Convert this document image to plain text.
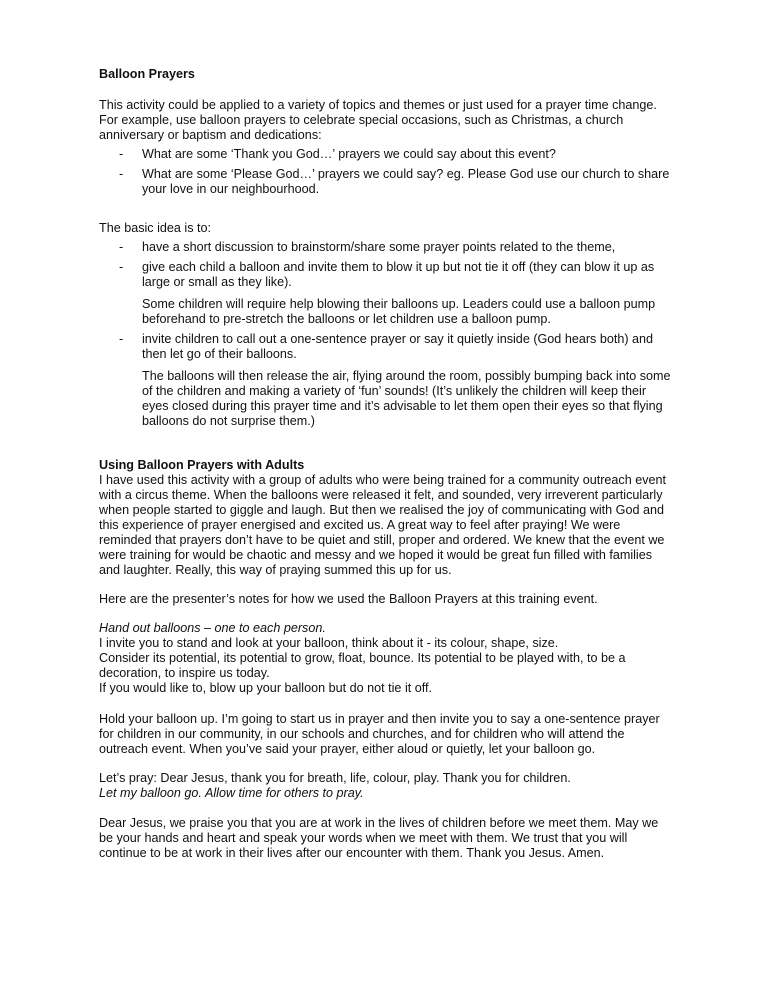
Balloon Prayers

This activity could be applied to a variety of topics and themes or just used for a prayer time change. For example, use balloon prayers to celebrate special occasions, such as Christmas, a church anniversary or baptism and dedications:

- What are some ‘Thank you God…’ prayers we could say about this event?
- What are some ‘Please God…’ prayers we could say? eg. Please God use our church to share your love in our neighbourhood.

The basic idea is to:

- have a short discussion to brainstorm/share some prayer points related to the theme,
- give each child a balloon and invite them to blow it up but not tie it off (they can blow it up as large or small as they like).

Some children will require help blowing their balloons up. Leaders could use a balloon pump beforehand to pre-stretch the balloons or let children use a balloon pump.

- invite children to call out a one-sentence prayer or say it quietly inside (God hears both) and then let go of their balloons.

The balloons will then release the air, flying around the room, possibly bumping back into some of the children and making a variety of ‘fun’ sounds! (It’s unlikely the children will keep their eyes closed during this prayer time and it’s advisable to let them open their eyes so that flying balloons do not surprise them.)

Using Balloon Prayers with Adults

I have used this activity with a group of adults who were being trained for a community outreach event with a circus theme. When the balloons were released it felt, and sounded, very irreverent particularly when people started to giggle and laugh. But then we realised the joy of communicating with God and this experience of prayer energised and excited us. A great way to feel after praying! We were reminded that prayers don’t have to be quiet and still, proper and ordered. We knew that the event we were training for would be chaotic and messy and we hoped it would be great fun filled with families and laughter. Really, this way of praying summed this up for us.

Here are the presenter’s notes for how we used the Balloon Prayers at this training event.

Hand out balloons – one to each person.

I invite you to stand and look at your balloon, think about it - its colour, shape, size.

Consider its potential, its potential to grow, float, bounce. Its potential to be played with, to be a decoration, to inspire us today.

If you would like to, blow up your balloon but do not tie it off.

Hold your balloon up. I’m going to start us in prayer and then invite you to say a one-sentence prayer for children in our community, in our schools and churches, and for children who will attend the outreach event. When you’ve said your prayer, either aloud or quietly, let your balloon go.

Let’s pray: Dear Jesus, thank you for breath, life, colour, play. Thank you for children.

Let my balloon go. Allow time for others to pray.

Dear Jesus, we praise you that you are at work in the lives of children before we meet them. May we be your hands and heart and speak your words when we meet with them. We trust that you will continue to be at work in their lives after our encounter with them. Thank you Jesus. Amen.
